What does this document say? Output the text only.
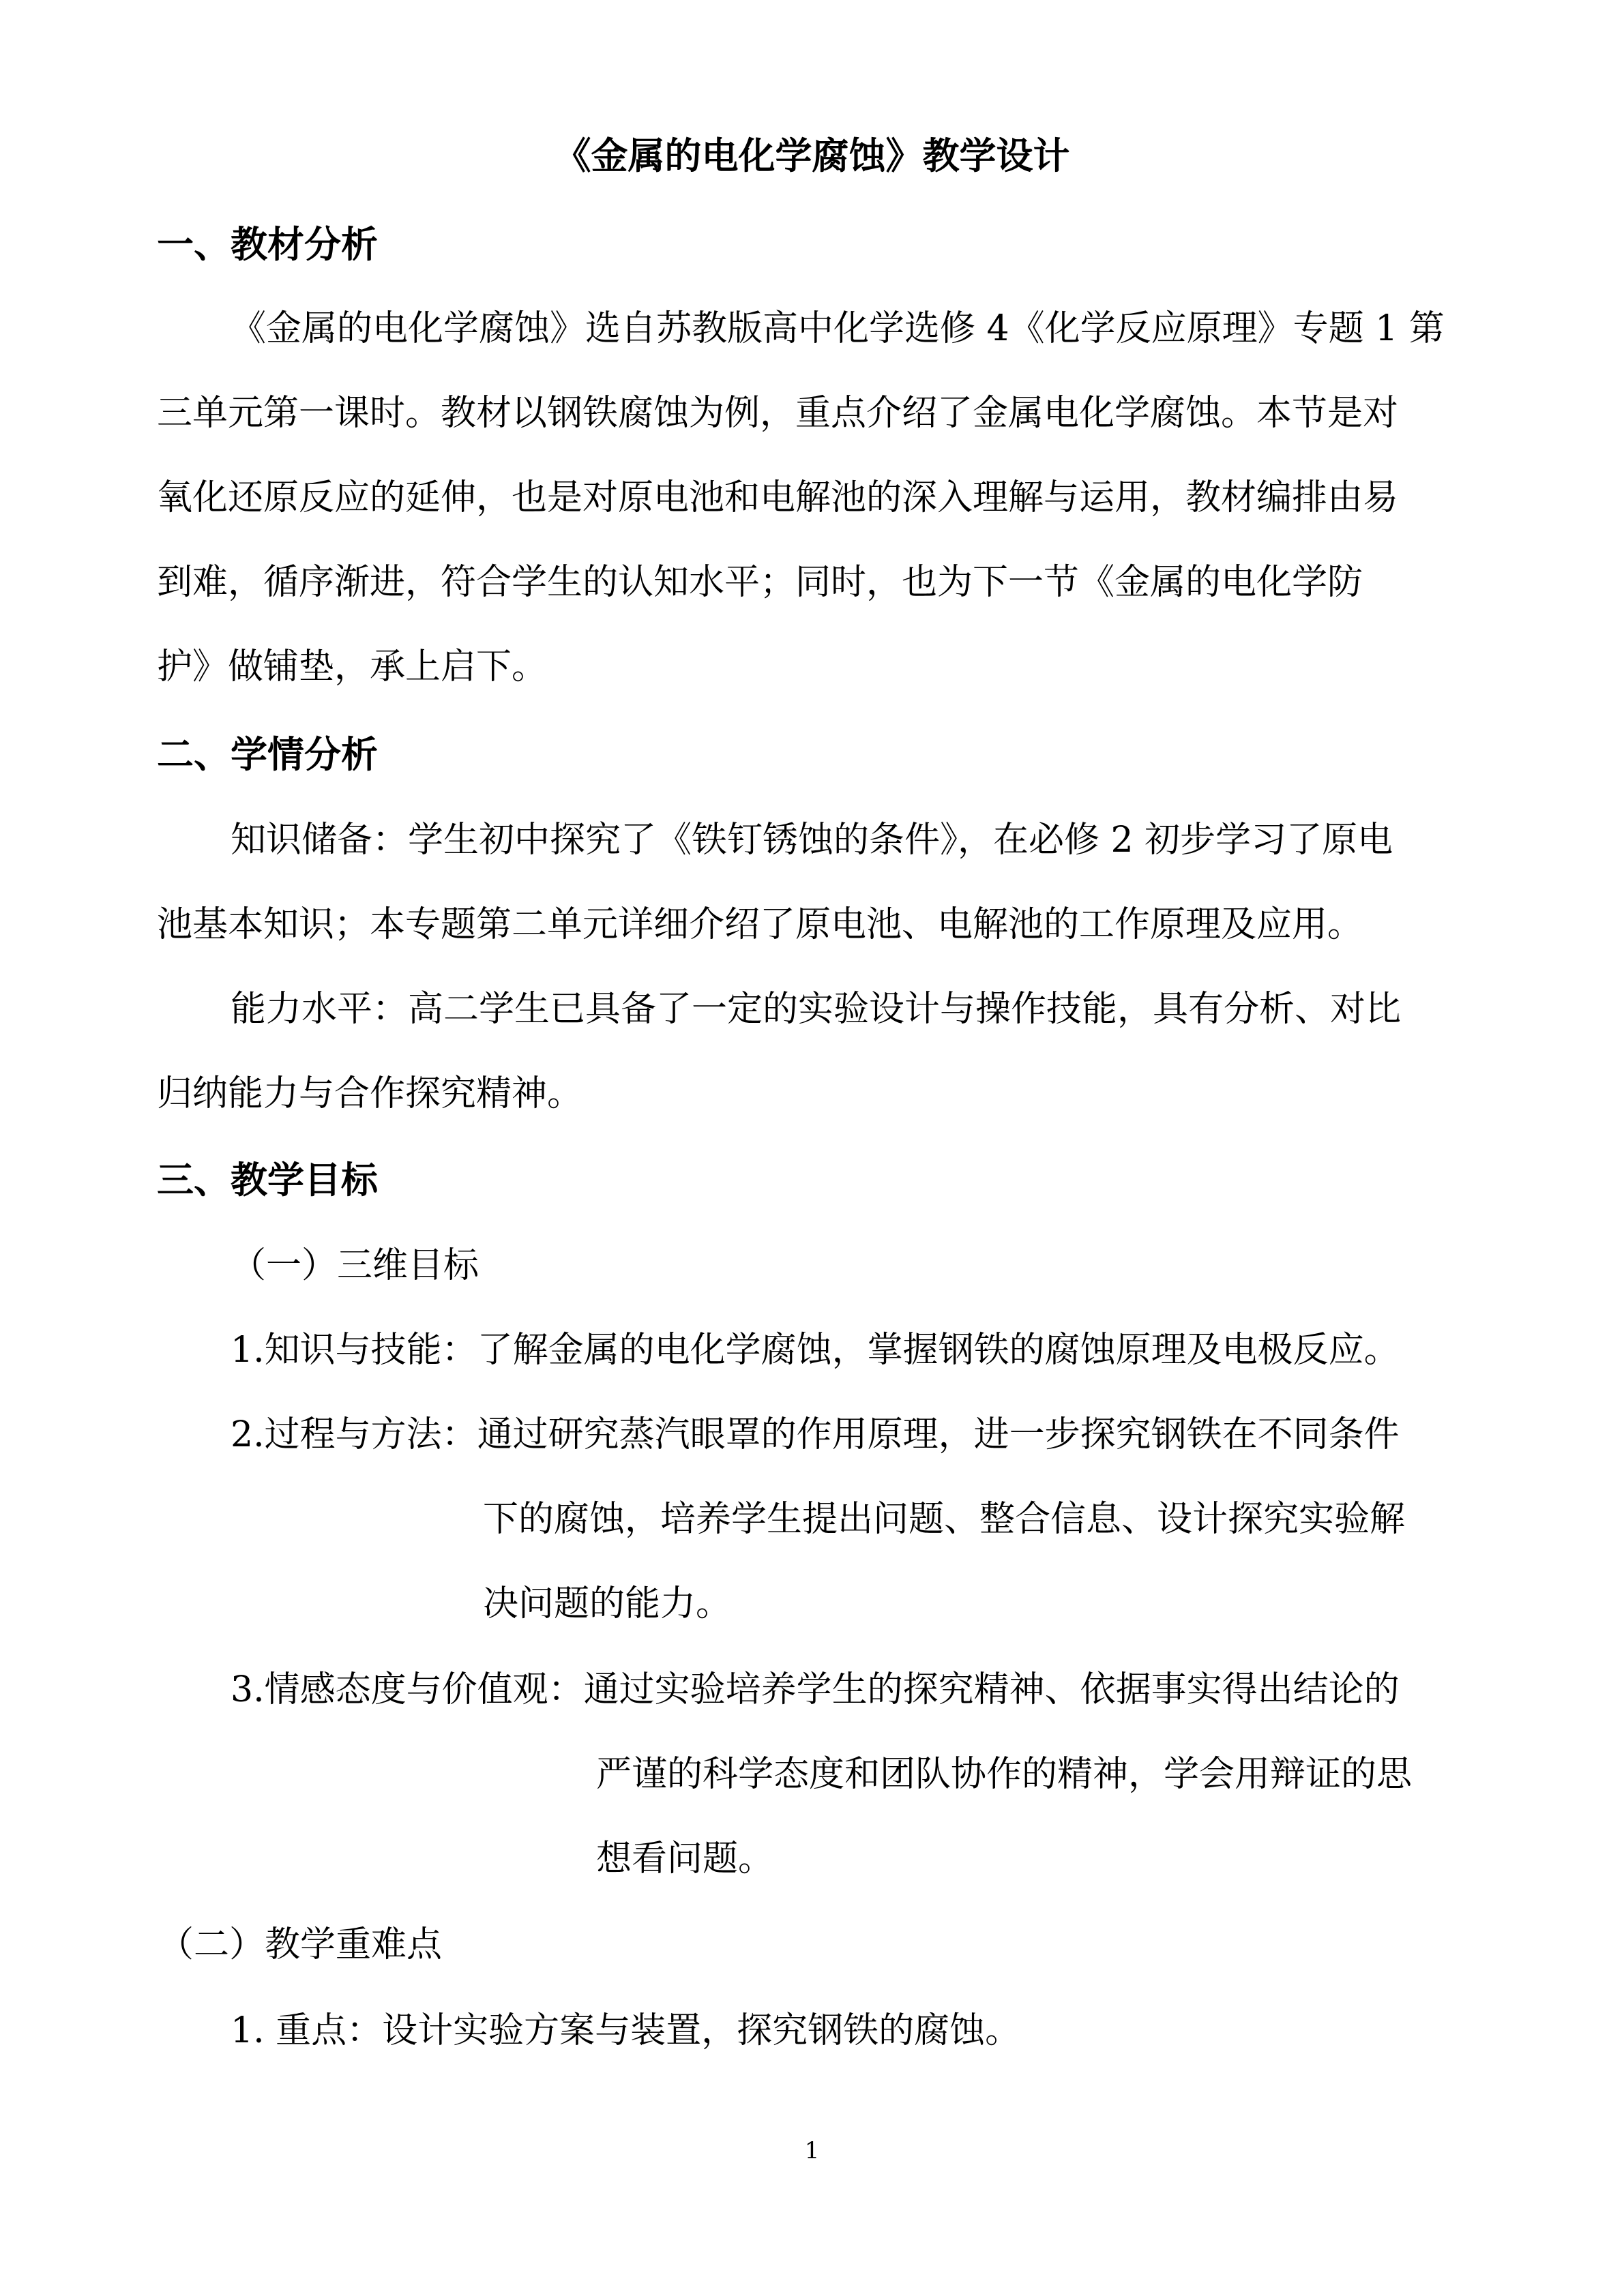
《金属的电化学腐蚀》教学设计
一、教材分析
《金属的电化学腐蚀》选自苏教版高中化学选修 4《化学反应原理》专题 1 第
三单元第一课时。教材以钢铁腐蚀为例，重点介绍了金属电化学腐蚀。本节是对
氧化还原反应的延伸，也是对原电池和电解池的深入理解与运用，教材编排由易
到难，循序渐进，符合学生的认知水平；同时，也为下一节《金属的电化学防
护》做铺垫，承上启下。
二、学情分析
知识储备：学生初中探究了《铁钉锈蚀的条件》，在必修 2 初步学习了原电
池基本知识；本专题第二单元详细介绍了原电池、电解池的工作原理及应用。
能力水平：高二学生已具备了一定的实验设计与操作技能，具有分析、对比
归纳能力与合作探究精神。
三、教学目标
（一）三维目标
1.知识与技能：了解金属的电化学腐蚀，掌握钢铁的腐蚀原理及电极反应。
2.过程与方法：通过研究蒸汽眼罩的作用原理，进一步探究钢铁在不同条件
下的腐蚀，培养学生提出问题、整合信息、设计探究实验解
决问题的能力。
3.情感态度与价值观：通过实验培养学生的探究精神、依据事实得出结论的
严谨的科学态度和团队协作的精神，学会用辩证的思
想看问题。
（二）教学重难点
1. 重点：设计实验方案与装置，探究钢铁的腐蚀。
1
